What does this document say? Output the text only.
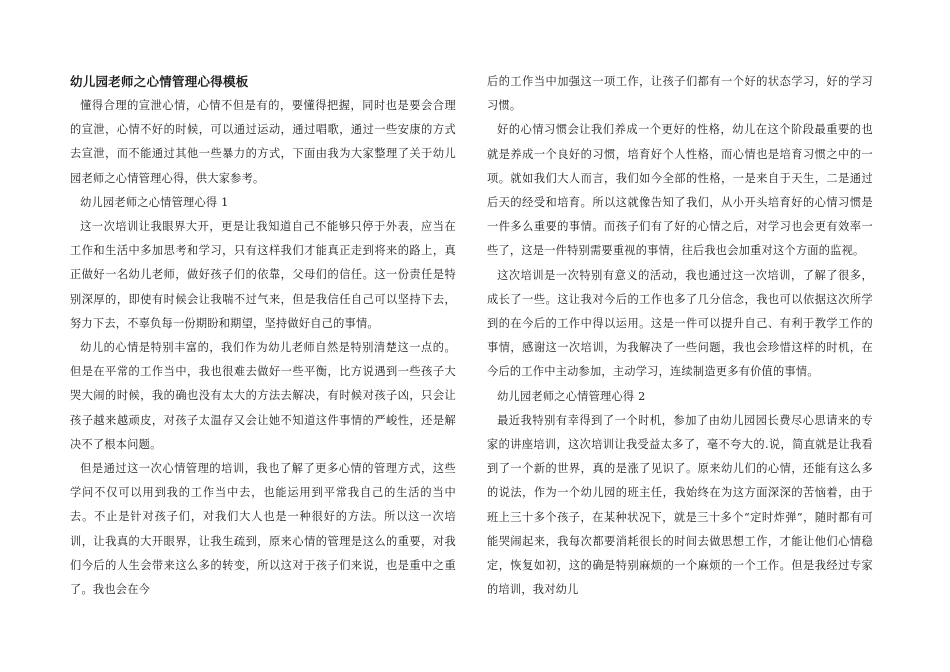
幼儿园老师之心情管理心得模板

懂得合理的宣泄心情，心情不但是有的，要懂得把握，同时也是要会合理的宣泄，心情不好的时候，可以通过运动，通过唱歌，通过一些安康的方式去宣泄，而不能通过其他一些暴力的方式，下面由我为大家整理了关于幼儿园老师之心情管理心得，供大家参考。

幼儿园老师之心情管理心得 1

这一次培训让我眼界大开，更是让我知道自己不能够只停于外表，应当在工作和生活中多加思考和学习，只有这样我们才能真正走到将来的路上，真正做好一名幼儿老师，做好孩子们的依靠，父母们的信任。这一份责任是特别深厚的，即使有时候会让我喘不过气来，但是我信任自己可以坚持下去，努力下去，不辜负每一份期盼和期望，坚持做好自己的事情。

幼儿的心情是特别丰富的，我们作为幼儿老师自然是特别清楚这一点的。但是在平常的工作当中，我也很难去做好一些平衡，比方说遇到一些孩子大哭大闹的时候，我的确也没有太大的方法去解决，有时候对孩子凶，只会让孩子越来越顽皮，对孩子太温存又会让她不知道这件事情的严峻性，还是解决不了根本问题。

但是通过这一次心情管理的培训，我也了解了更多心情的管理方式，这些学问不仅可以用到我的工作当中去，也能运用到平常我自己的生活的当中去。不止是针对孩子们，对我们大人也是一种很好的方法。所以这一次培训，让我真的大开眼界，让我生疏到，原来心情的管理是这么的重要，对我们今后的人生会带来这么多的转变，所以这对于孩子们来说，也是重中之重了。我也会在今

后的工作当中加强这一项工作，让孩子们都有一个好的状态学习，好的学习习惯。

好的心情习惯会让我们养成一个更好的性格，幼儿在这个阶段最重要的也就是养成一个良好的习惯，培育好个人性格，而心情也是培育习惯之中的一项。就如我们大人而言，我们如今全部的性格，一是来自于天生，二是通过后天的经受和培育。所以这就像告知了我们，从小开头培育好的心情习惯是一件多么重要的事情。而孩子们有了好的心情之后，对学习也会更有效率一些了，这是一件特别需要重视的事情，往后我也会加重对这个方面的监视。

这次培训是一次特别有意义的活动，我也通过这一次培训，了解了很多，成长了一些。这让我对今后的工作也多了几分信念，我也可以依据这次所学到的在今后的工作中得以运用。这是一件可以提升自己、有利于教学工作的事情，感谢这一次培训，为我解决了一些问题，我也会珍惜这样的时机，在今后的工作中主动参加，主动学习，连续制造更多有价值的事情。

幼儿园老师之心情管理心得 2

最近我特别有幸得到了一个时机，参加了由幼儿园园长费尽心思请来的专家的讲座培训，这次培训让我受益太多了，毫不夸大的.说，简直就是让我看到了一个新的世界，真的是涨了见识了。原来幼儿们的心情，还能有这么多的说法，作为一个幼儿园的班主任，我始终在为这方面深深的苦恼着，由于班上三十多个孩子，在某种状况下，就是三十多个“定时炸弹”，随时都有可能哭闹起来，我每次都要消耗很长的时间去做思想工作，才能让他们心情稳定，恢复如初，这的确是特别麻烦的一个麻烦的一个工作。但是我经过专家的培训，我对幼儿
